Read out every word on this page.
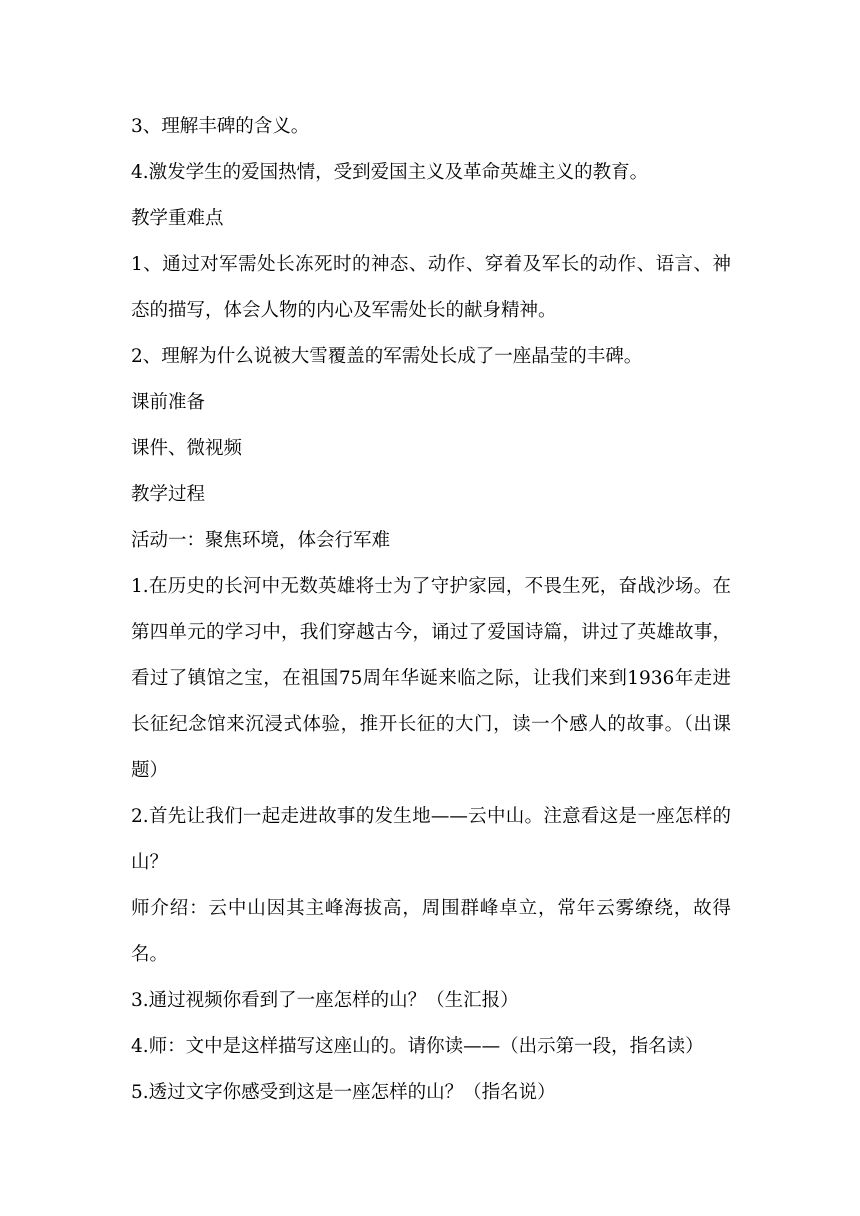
3、理解丰碑的含义。

4.激发学生的爱国热情，受到爱国主义及革命英雄主义的教育。

教学重难点

1、通过对军需处长冻死时的神态、动作、穿着及军长的动作、语言、神态的描写，体会人物的内心及军需处长的献身精神。

2、理解为什么说被大雪覆盖的军需处长成了一座晶莹的丰碑。

课前准备

课件、微视频

教学过程

活动一：聚焦环境，体会行军难

1.在历史的长河中无数英雄将士为了守护家园，不畏生死，奋战沙场。在第四单元的学习中，我们穿越古今，诵过了爱国诗篇，讲过了英雄故事，看过了镇馆之宝，在祖国75周年华诞来临之际，让我们来到1936年走进长征纪念馆来沉浸式体验，推开长征的大门，读一个感人的故事。（出课题）

2.首先让我们一起走进故事的发生地——云中山。注意看这是一座怎样的山？

师介绍：云中山因其主峰海拔高，周围群峰卓立，常年云雾缭绕，故得名。

3.通过视频你看到了一座怎样的山？（生汇报）

4.师：文中是这样描写这座山的。请你读——（出示第一段，指名读）

5.透过文字你感受到这是一座怎样的山？（指名说）
